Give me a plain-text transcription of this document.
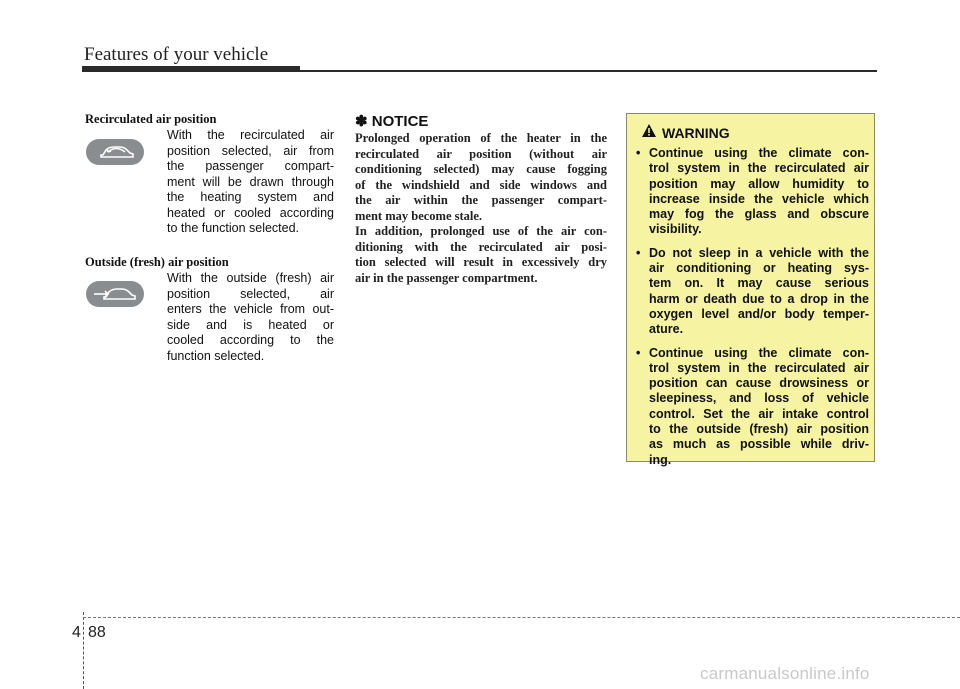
Features of your vehicle
Recirculated air position
With the recirculated air
position selected, air from
the passenger compart-
ment will be drawn through
the heating system and
heated or cooled according
to the function selected.
Outside (fresh) air position
With the outside (fresh) air
position selected, air
enters the vehicle from out-
side and is heated or
cooled according to the
function selected.
✽ NOTICE
Prolonged operation of the heater in the
recirculated air position (without air
conditioning selected) may cause fogging
of the windshield and side windows and
the air within the passenger compart-
ment may become stale.
In addition, prolonged use of the air con-
ditioning with the recirculated air posi-
tion selected will result in excessively dry
air in the passenger compartment.
WARNING
• Continue using the climate con-
trol system in the recirculated air
position may allow humidity to
increase inside the vehicle which
may fog the glass and obscure
visibility.
• Do not sleep in a vehicle with the
air conditioning or heating sys-
tem on. It may cause serious
harm or death due to a drop in the
oxygen level and/or body temper-
ature.
• Continue using the climate con-
trol system in the recirculated air
position can cause drowsiness or
sleepiness, and loss of vehicle
control. Set the air intake control
to the outside (fresh) air position
as much as possible while driv-
ing.
4 88
carmanualsonline.info
